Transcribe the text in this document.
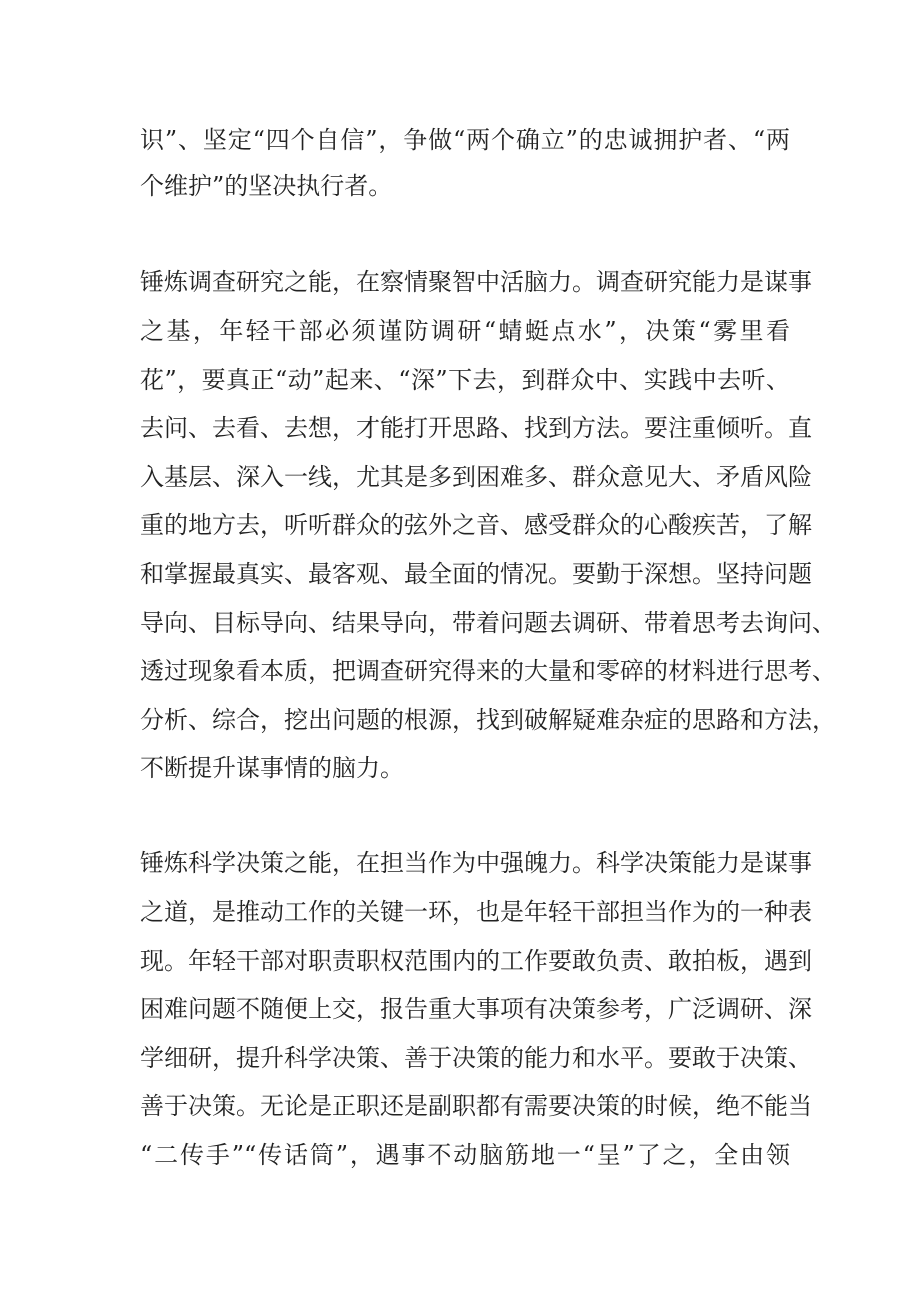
识”、坚定“四个自信”，争做“两个确立”的忠诚拥护者、“两

个维护”的坚决执行者。

锤炼调查研究之能，在察情聚智中活脑力。调查研究能力是谋事

之基，年轻干部必须谨防调研“蜻蜓点水”，决策“雾里看

花”，要真正“动”起来、“深”下去，到群众中、实践中去听、

去问、去看、去想，才能打开思路、找到方法。要注重倾听。直

入基层、深入一线，尤其是多到困难多、群众意见大、矛盾风险

重的地方去，听听群众的弦外之音、感受群众的心酸疾苦，了解

和掌握最真实、最客观、最全面的情况。要勤于深想。坚持问题

导向、目标导向、结果导向，带着问题去调研、带着思考去询问、

透过现象看本质，把调查研究得来的大量和零碎的材料进行思考、

分析、综合，挖出问题的根源，找到破解疑难杂症的思路和方法，

不断提升谋事情的脑力。

锤炼科学决策之能，在担当作为中强魄力。科学决策能力是谋事

之道，是推动工作的关键一环，也是年轻干部担当作为的一种表

现。年轻干部对职责职权范围内的工作要敢负责、敢拍板，遇到

困难问题不随便上交，报告重大事项有决策参考，广泛调研、深

学细研，提升科学决策、善于决策的能力和水平。要敢于决策、

善于决策。无论是正职还是副职都有需要决策的时候，绝不能当

“二传手”“传话筒”，遇事不动脑筋地一“呈”了之，全由领
